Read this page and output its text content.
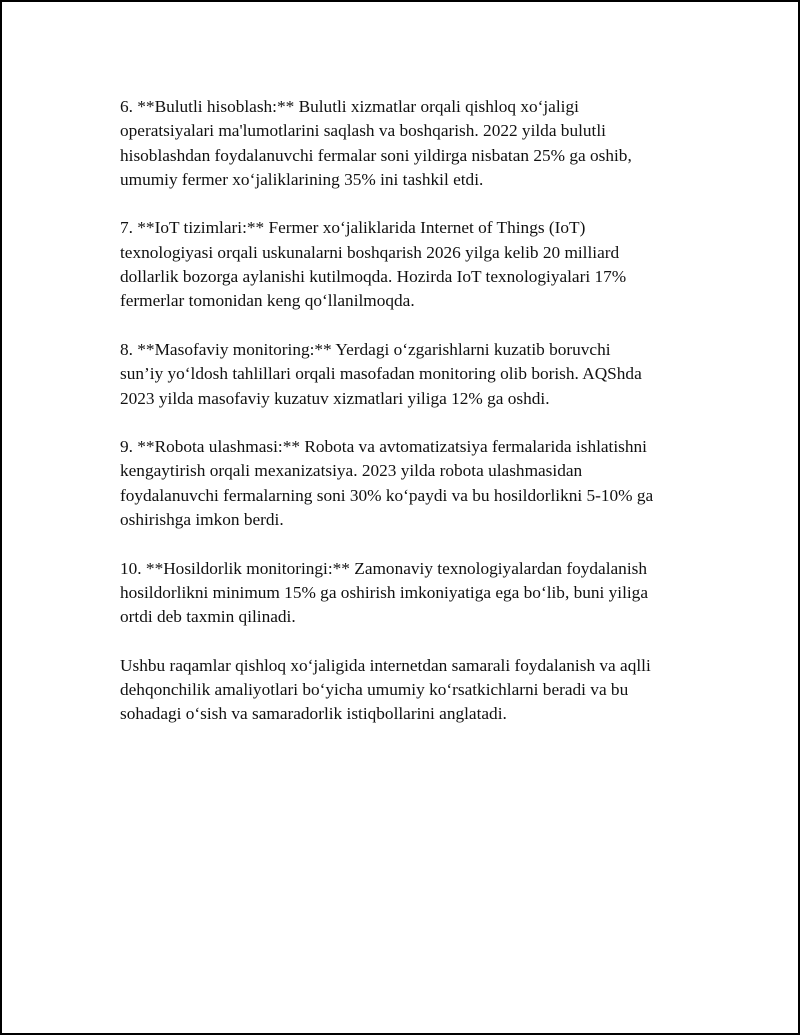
6. **Bulutli hisoblash:** Bulutli xizmatlar orqali qishloq xo‘jaligi
operatsiyalari ma'lumotlarini saqlash va boshqarish. 2022 yilda bulutli
hisoblashdan foydalanuvchi fermalar soni yildirga nisbatan 25% ga oshib,
umumiy fermer xo‘jaliklarining 35% ini tashkil etdi.

7. **IoT tizimlari:** Fermer xo‘jaliklarida Internet of Things (IoT)
texnologiyasi orqali uskunalarni boshqarish 2026 yilga kelib 20 milliard
dollarlik bozorga aylanishi kutilmoqda. Hozirda IoT texnologiyalari 17%
fermerlar tomonidan keng qo‘llanilmoqda.

8. **Masofaviy monitoring:** Yerdagi o‘zgarishlarni kuzatib boruvchi
sun’iy yo‘ldosh tahlillari orqali masofadan monitoring olib borish. AQShda
2023 yilda masofaviy kuzatuv xizmatlari yiliga 12% ga oshdi.

9. **Robota ulashmasi:** Robota va avtomatizatsiya fermalarida ishlatishni
kengaytirish orqali mexanizatsiya. 2023 yilda robota ulashmasidan
foydalanuvchi fermalarning soni 30% ko‘paydi va bu hosildorlikni 5-10% ga
oshirishga imkon berdi.

10. **Hosildorlik monitoringi:** Zamonaviy texnologiyalardan foydalanish
hosildorlikni minimum 15% ga oshirish imkoniyatiga ega bo‘lib, buni yiliga
ortdi deb taxmin qilinadi.

Ushbu raqamlar qishloq xo‘jaligida internetdan samarali foydalanish va aqlli
dehqonchilik amaliyotlari bo‘yicha umumiy ko‘rsatkichlarni beradi va bu
sohadagi o‘sish va samaradorlik istiqbollarini anglatadi.
